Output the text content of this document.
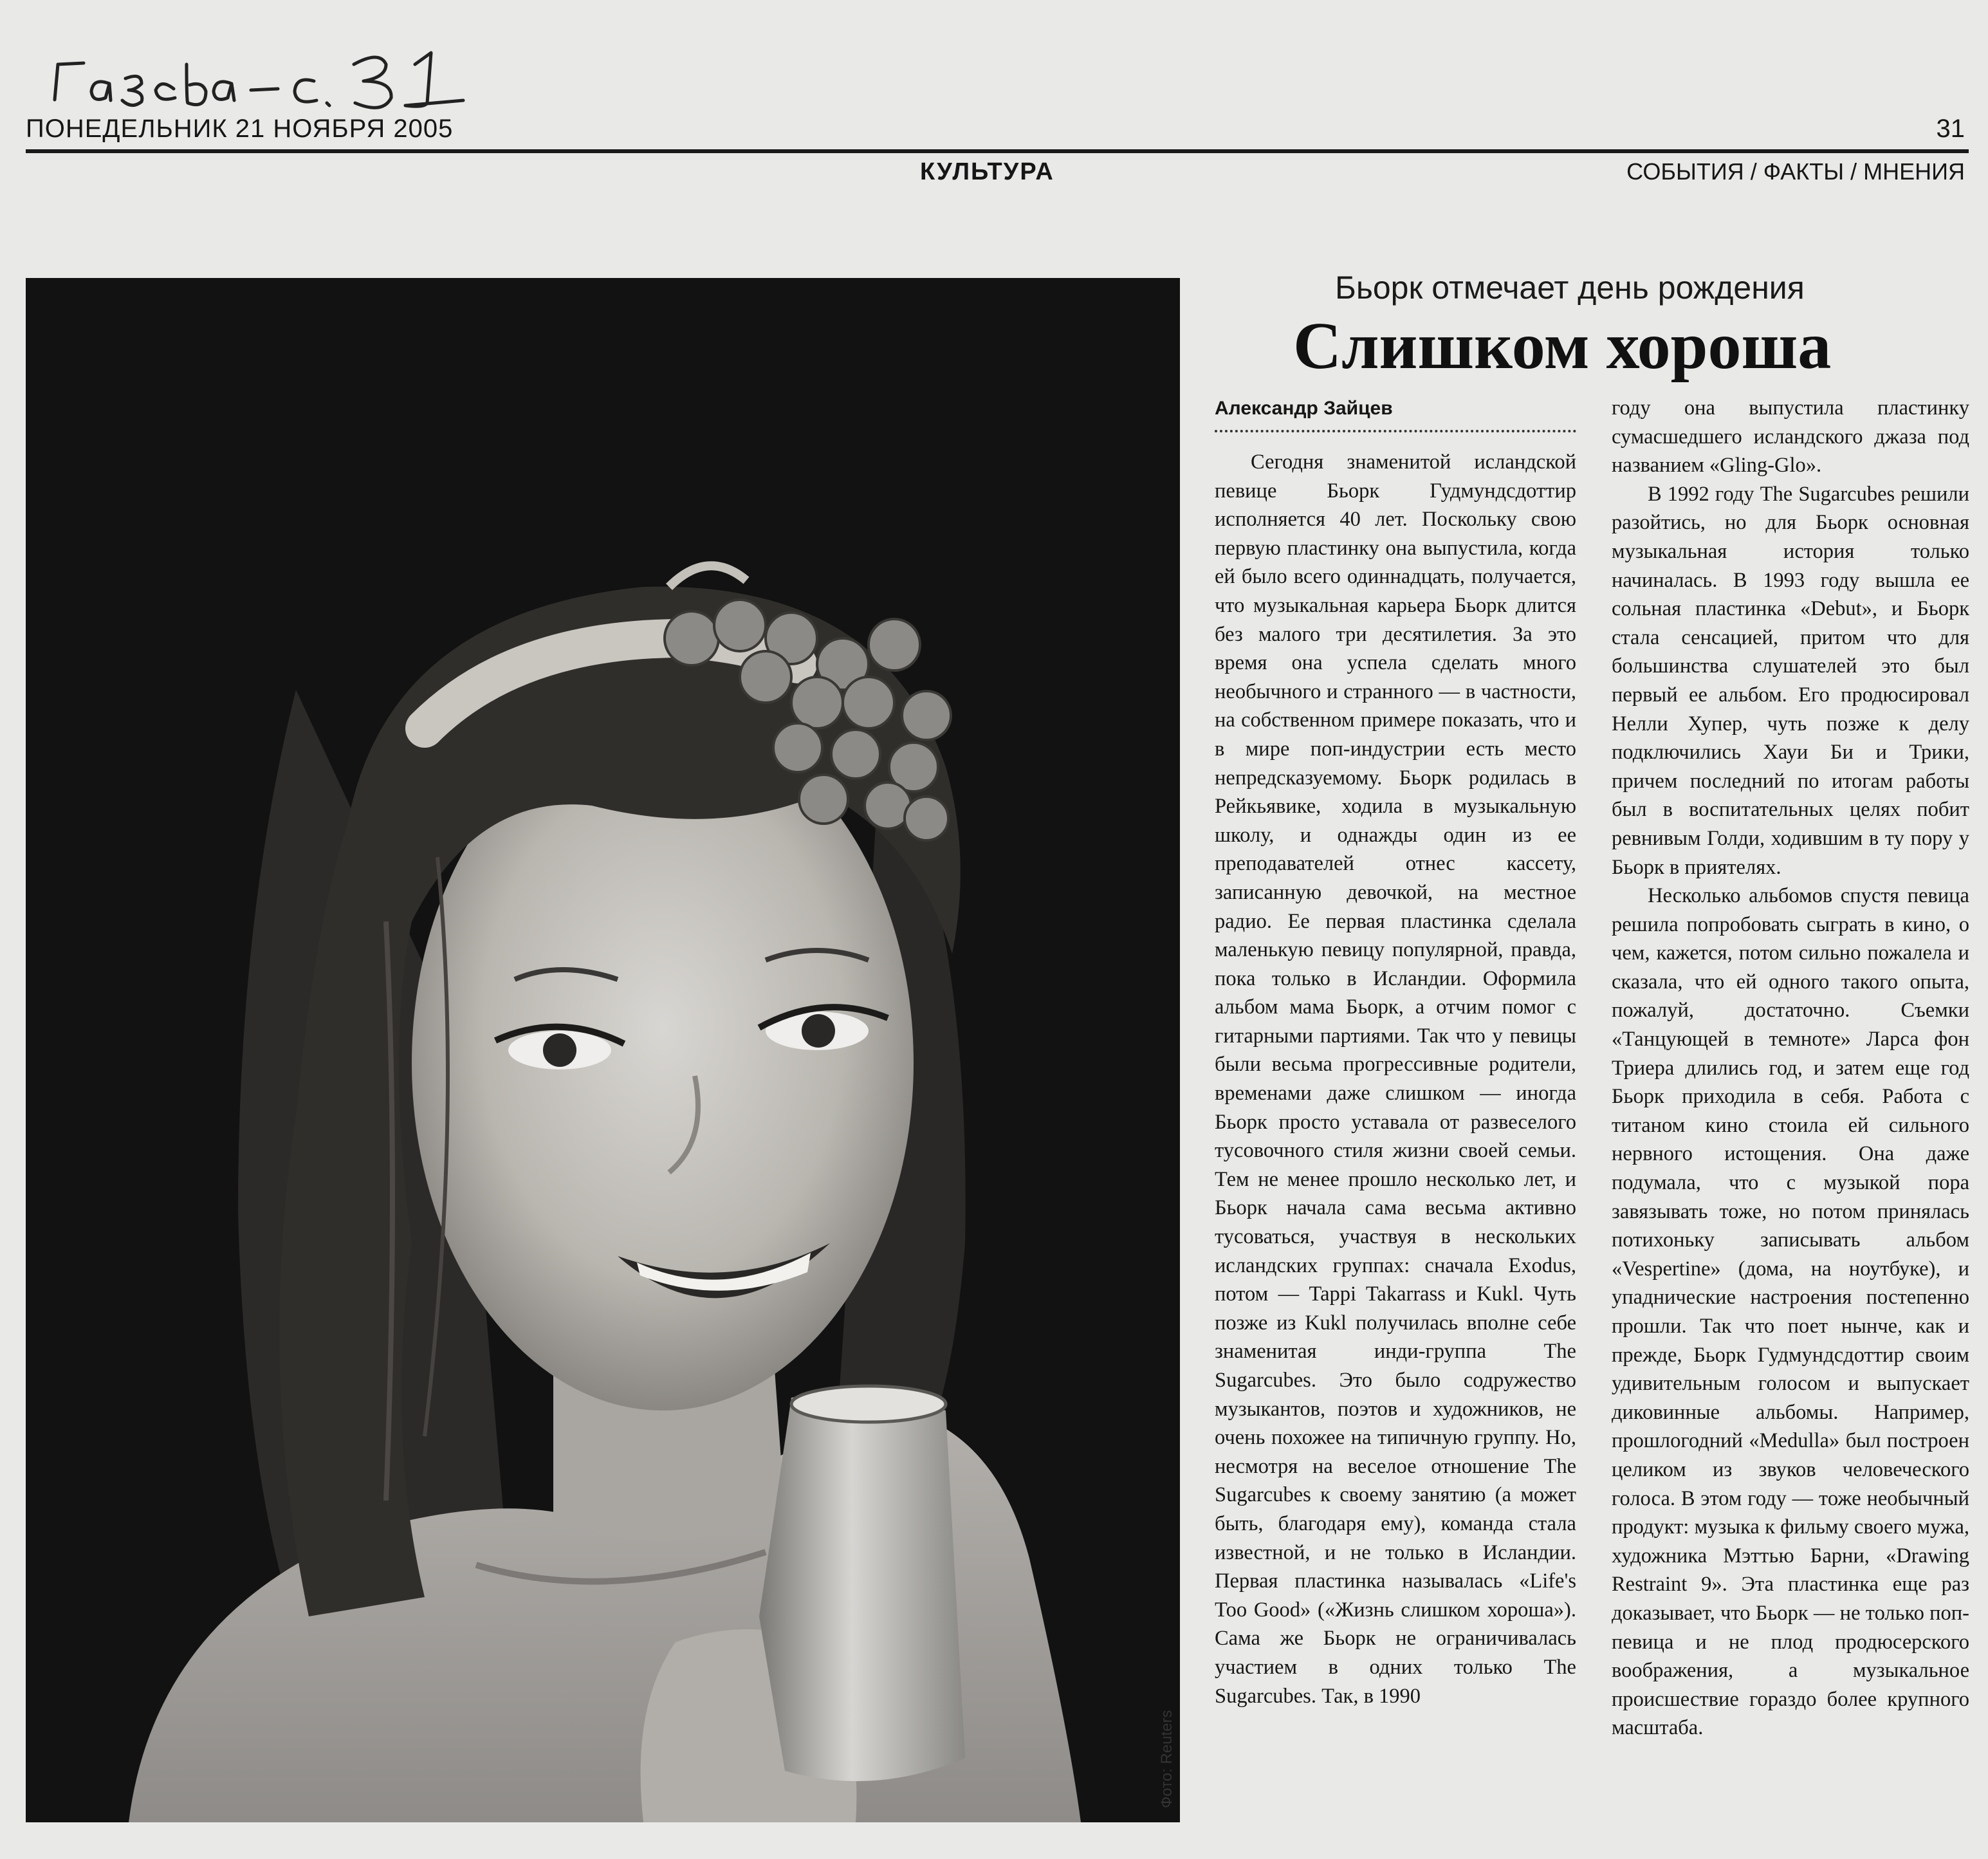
ПОНЕДЕЛЬНИК 21 НОЯБРЯ 2005	31
КУЛЬТУРА	СОБЫТИЯ / ФАКТЫ / МНЕНИЯ
Фото: Reuters
Бьорк отмечает день рождения
Слишком хороша
Александр Зайцев

Сегодня знаменитой исландской певице Бьорк Гудмундсдоттир исполняется 40 лет. Поскольку свою первую пластинку она выпустила, когда ей было всего одиннадцать, получается, что музыкальная карьера Бьорк длится без малого три десятилетия. За это время она успела сделать много необычного и странного — в частности, на собственном примере показать, что и в мире поп-индустрии есть место непредсказуемому. Бьорк родилась в Рейкьявике, ходила в музыкальную школу, и однажды один из ее преподавателей отнес кассету, записанную девочкой, на местное радио. Ее первая пластинка сделала маленькую певицу популярной, правда, пока только в Исландии. Оформила альбом мама Бьорк, а отчим помог с гитарными партиями. Так что у певицы были весьма прогрессивные родители, временами даже слишком — иногда Бьорк просто уставала от развеселого тусовочного стиля жизни своей семьи. Тем не менее прошло несколько лет, и Бьорк начала сама весьма активно тусоваться, участвуя в нескольких исландских группах: сначала Exodus, потом — Tappi Takarrass и Kukl. Чуть позже из Kukl получилась вполне себе знаменитая инди-группа The Sugarcubes. Это было содружество музыкантов, поэтов и художников, не очень похожее на типичную группу. Но, несмотря на веселое отношение The Sugarcubes к своему занятию (а может быть, благодаря ему), команда стала известной, и не только в Исландии. Первая пластинка называлась «Life's Too Good» («Жизнь слишком хороша»). Сама же Бьорк не ограничивалась участием в одних только The Sugarcubes. Так, в 1990

году она выпустила пластинку сумасшедшего исландского джаза под названием «Gling-Glo».

В 1992 году The Sugarcubes решили разойтись, но для Бьорк основная музыкальная история только начиналась. В 1993 году вышла ее сольная пластинка «Debut», и Бьорк стала сенсацией, притом что для большинства слушателей это был первый ее альбом. Его продюсировал Нелли Хупер, чуть позже к делу подключились Хауи Би и Трики, причем последний по итогам работы был в воспитательных целях побит ревнивым Голди, ходившим в ту пору у Бьорк в приятелях.

Несколько альбомов спустя певица решила попробовать сыграть в кино, о чем, кажется, потом сильно пожалела и сказала, что ей одного такого опыта, пожалуй, достаточно. Съемки «Танцующей в темноте» Ларса фон Триера длились год, и затем еще год Бьорк приходила в себя. Работа с титаном кино стоила ей сильного нервного истощения. Она даже подумала, что с музыкой пора завязывать тоже, но потом принялась потихоньку записывать альбом «Vespertine» (дома, на ноутбуке), и упаднические настроения постепенно прошли. Так что поет нынче, как и прежде, Бьорк Гудмундсдоттир своим удивительным голосом и выпускает диковинные альбомы. Например, прошлогодний «Medulla» был построен целиком из звуков человеческого голоса. В этом году — тоже необычный продукт: музыка к фильму своего мужа, художника Мэттью Барни, «Drawing Restraint 9». Эта пластинка еще раз доказывает, что Бьорк — не только поп-певица и не плод продюсерского воображения, а музыкальное происшествие гораздо более крупного масштаба.
